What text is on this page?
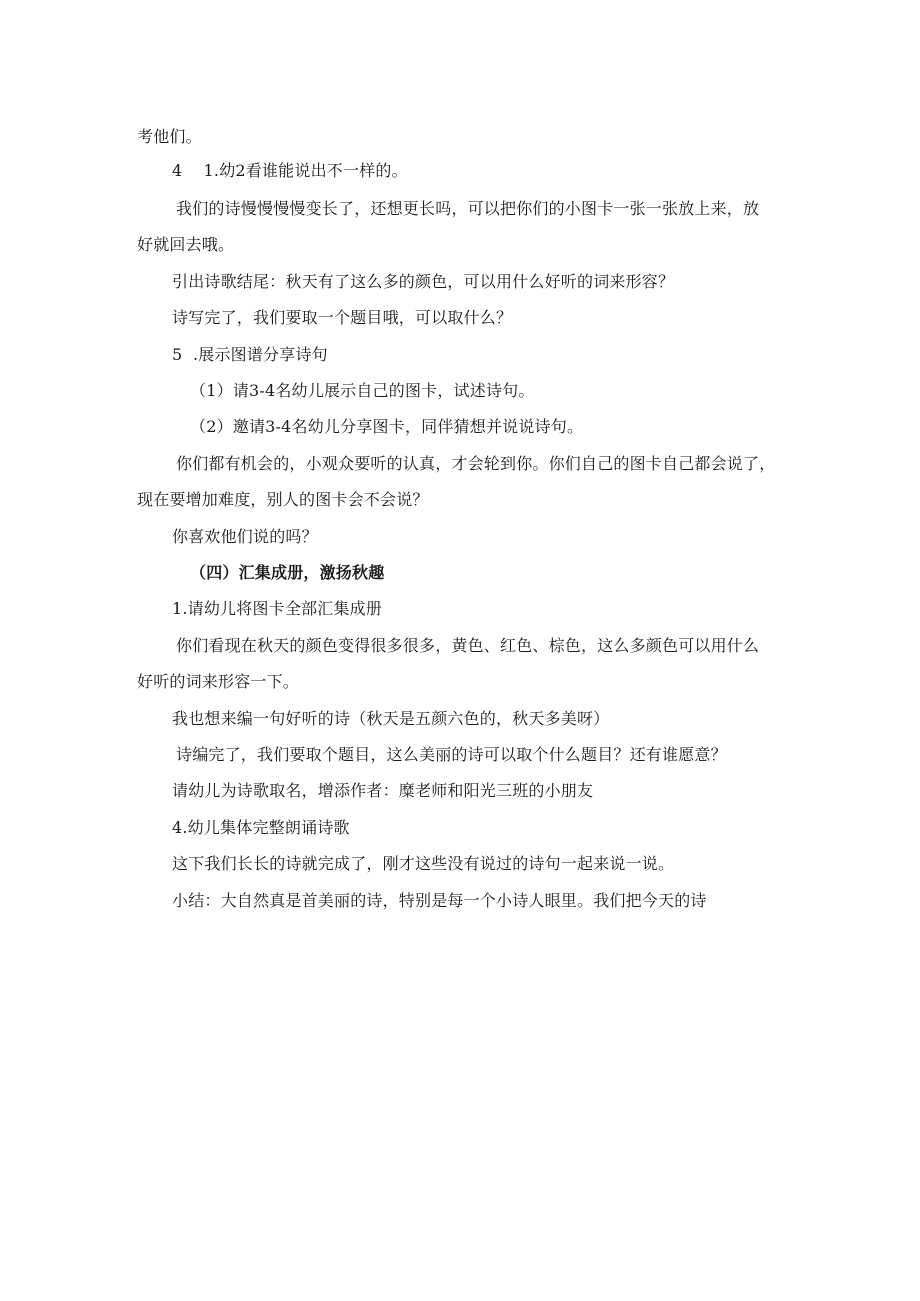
考他们。
4    1.幼2看谁能说出不一样的。
我们的诗慢慢慢慢变长了，还想更长吗，可以把你们的小图卡一张一张放上来，放
好就回去哦。
引出诗歌结尾：秋天有了这么多的颜色，可以用什么好听的词来形容？
诗写完了，我们要取一个题目哦，可以取什么？
5  .展示图谱分享诗句
（1）请3-4名幼儿展示自己的图卡，试述诗句。
（2）邀请3-4名幼儿分享图卡，同伴猜想并说说诗句。
你们都有机会的，小观众要听的认真，才会轮到你。你们自己的图卡自己都会说了，
现在要增加难度，别人的图卡会不会说？
你喜欢他们说的吗？
（四）汇集成册，激扬秋趣
1.请幼儿将图卡全部汇集成册
你们看现在秋天的颜色变得很多很多，黄色、红色、棕色，这么多颜色可以用什么
好听的词来形容一下。
我也想来编一句好听的诗（秋天是五颜六色的，秋天多美呀）
诗编完了，我们要取个题目，这么美丽的诗可以取个什么题目？还有谁愿意？
请幼儿为诗歌取名，增添作者：糜老师和阳光三班的小朋友
4.幼儿集体完整朗诵诗歌
这下我们长长的诗就完成了，刚才这些没有说过的诗句一起来说一说。
小结：大自然真是首美丽的诗，特别是每一个小诗人眼里。我们把今天的诗
